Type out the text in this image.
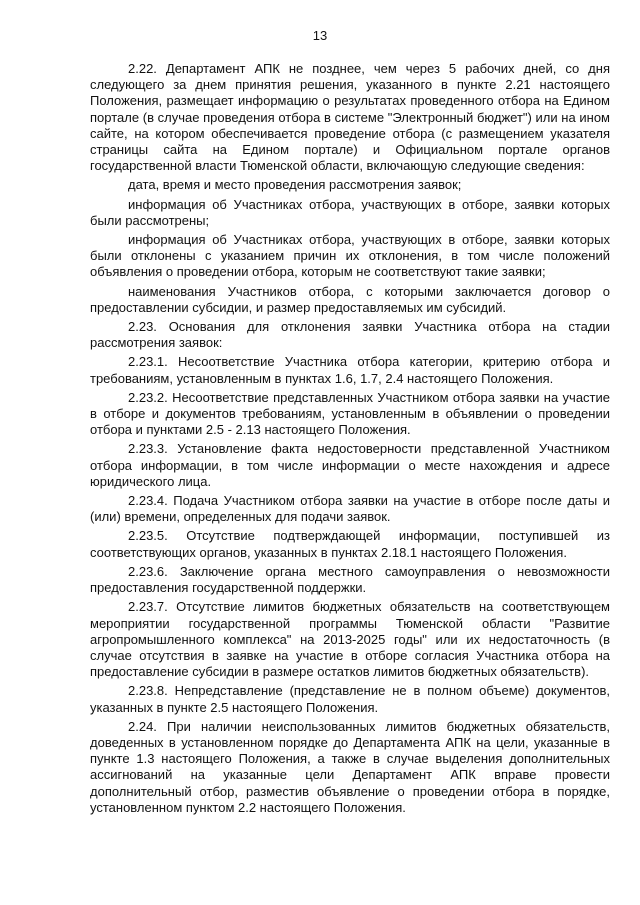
13

2.22. Департамент АПК не позднее, чем через 5 рабочих дней, со дня следующего за днем принятия решения, указанного в пункте 2.21 настоящего Положения, размещает информацию о результатах проведенного отбора на Едином портале (в случае проведения отбора в системе "Электронный бюджет") или на ином сайте, на котором обеспечивается проведение отбора (с размещением указателя страницы сайта на Едином портале) и Официальном портале органов государственной власти Тюменской области, включающую следующие сведения:

дата, время и место проведения рассмотрения заявок;

информация об Участниках отбора, участвующих в отборе, заявки которых были рассмотрены;

информация об Участниках отбора, участвующих в отборе, заявки которых были отклонены с указанием причин их отклонения, в том числе положений объявления о проведении отбора, которым не соответствуют такие заявки;

наименования Участников отбора, с которыми заключается договор о предоставлении субсидии, и размер предоставляемых им субсидий.

2.23. Основания для отклонения заявки Участника отбора на стадии рассмотрения заявок:

2.23.1. Несоответствие Участника отбора категории, критерию отбора и требованиям, установленным в пунктах 1.6, 1.7, 2.4 настоящего Положения.

2.23.2. Несоответствие представленных Участником отбора заявки на участие в отборе и документов требованиям, установленным в объявлении о проведении отбора и пунктами 2.5 - 2.13 настоящего Положения.

2.23.3. Установление факта недостоверности представленной Участником отбора информации, в том числе информации о месте нахождения и адресе юридического лица.

2.23.4. Подача Участником отбора заявки на участие в отборе после даты и (или) времени, определенных для подачи заявок.

2.23.5. Отсутствие подтверждающей информации, поступившей из соответствующих органов, указанных в пунктах 2.18.1 настоящего Положения.

2.23.6. Заключение органа местного самоуправления о невозможности предоставления государственной поддержки.

2.23.7. Отсутствие лимитов бюджетных обязательств на соответствующем мероприятии государственной программы Тюменской области "Развитие агропромышленного комплекса" на 2013-2025 годы" или их недостаточность (в случае отсутствия в заявке на участие в отборе согласия Участника отбора на предоставление субсидии в размере остатков лимитов бюджетных обязательств).

2.23.8. Непредставление (представление не в полном объеме) документов, указанных в пункте 2.5 настоящего Положения.

2.24. При наличии неиспользованных лимитов бюджетных обязательств, доведенных в установленном порядке до Департамента АПК на цели, указанные в пункте 1.3 настоящего Положения, а также в случае выделения дополнительных ассигнований на указанные цели Департамент АПК вправе провести дополнительный отбор, разместив объявление о проведении отбора в порядке, установленном пунктом 2.2 настоящего Положения.
